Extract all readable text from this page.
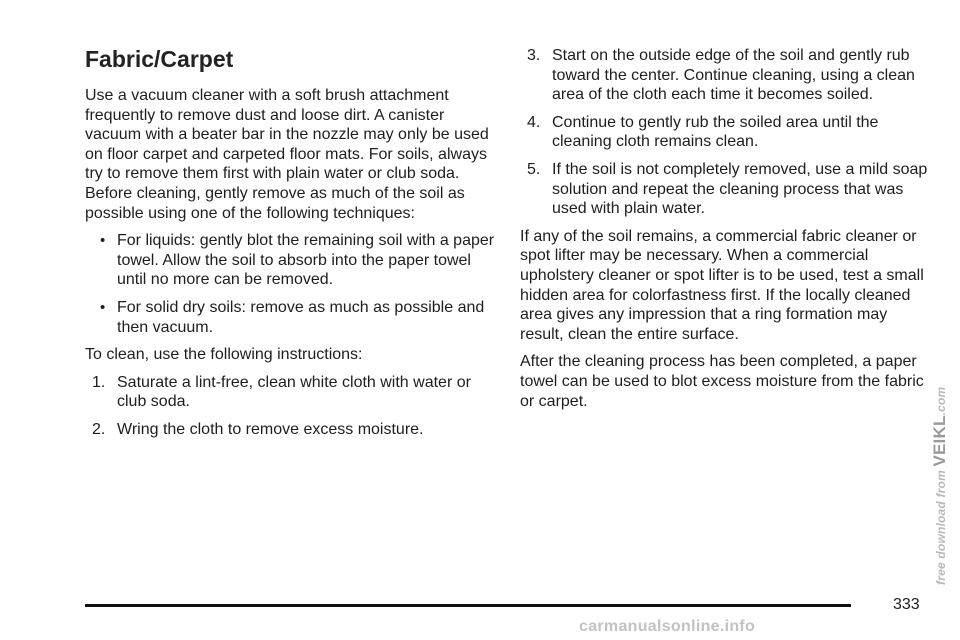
Fabric/Carpet

Use a vacuum cleaner with a soft brush attachment frequently to remove dust and loose dirt. A canister vacuum with a beater bar in the nozzle may only be used on floor carpet and carpeted floor mats. For soils, always try to remove them first with plain water or club soda. Before cleaning, gently remove as much of the soil as possible using one of the following techniques:

• For liquids: gently blot the remaining soil with a paper towel. Allow the soil to absorb into the paper towel until no more can be removed.
• For solid dry soils: remove as much as possible and then vacuum.

To clean, use the following instructions:

1. Saturate a lint-free, clean white cloth with water or club soda.
2. Wring the cloth to remove excess moisture.
3. Start on the outside edge of the soil and gently rub toward the center. Continue cleaning, using a clean area of the cloth each time it becomes soiled.
4. Continue to gently rub the soiled area until the cleaning cloth remains clean.
5. If the soil is not completely removed, use a mild soap solution and repeat the cleaning process that was used with plain water.

If any of the soil remains, a commercial fabric cleaner or spot lifter may be necessary. When a commercial upholstery cleaner or spot lifter is to be used, test a small hidden area for colorfastness first. If the locally cleaned area gives any impression that a ring formation may result, clean the entire surface.

After the cleaning process has been completed, a paper towel can be used to blot excess moisture from the fabric or carpet.

333
free download from VEIKL.com
carmanualsonline.info
